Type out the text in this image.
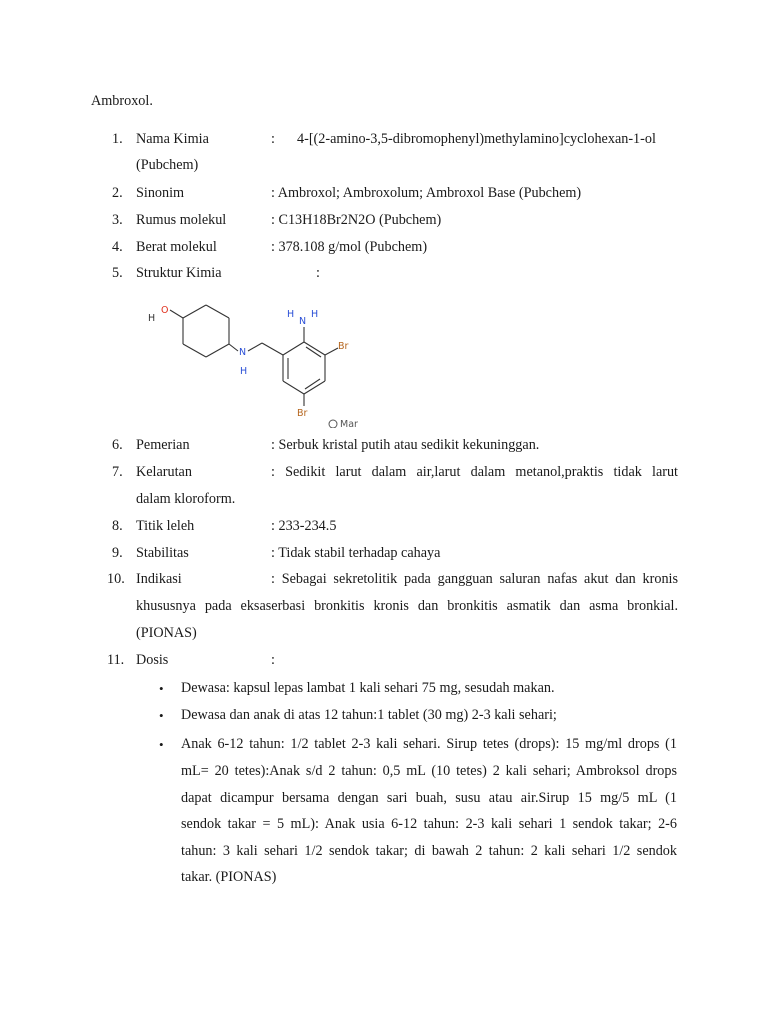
Ambroxol.
1. Nama Kimia	: 4-[(2-amino-3,5-dibromophenyl)methylamino]cyclohexan-1-ol
(Pubchem)
2. Sinonim	: Ambroxol; Ambroxolum; Ambroxol Base (Pubchem)
3. Rumus molekul	: C13H18Br2N2O (Pubchem)
4. Berat molekul	: 378.108 g/mol (Pubchem)
5. Struktur Kimia	:
H
O
N
H
H
N
H
Br
Br
Mar
6. Pemerian	: Serbuk kristal putih atau sedikit kekuninggan.
7. Kelarutan	: Sedikit larut dalam air,larut dalam metanol,praktis tidak larut
dalam kloroform.
8. Titik leleh	: 233-234.5
9. Stabilitas	: Tidak stabil terhadap cahaya
10. Indikasi	: Sebagai sekretolitik pada gangguan saluran nafas akut dan kronis
khususnya pada eksaserbasi bronkitis kronis dan bronkitis asmatik dan asma bronkial.
(PIONAS)
11. Dosis	:
• Dewasa: kapsul lepas lambat 1 kali sehari 75 mg, sesudah makan.
• Dewasa dan anak di atas 12 tahun:1 tablet (30 mg) 2-3 kali sehari;
• Anak 6-12 tahun: 1/2 tablet 2-3 kali sehari. Sirup tetes (drops): 15 mg/ml drops (1
mL= 20 tetes):Anak s/d 2 tahun: 0,5 mL (10 tetes) 2 kali sehari; Ambroksol drops
dapat dicampur bersama dengan sari buah, susu atau air.Sirup 15 mg/5 mL (1
sendok takar = 5 mL): Anak usia 6-12 tahun: 2-3 kali sehari 1 sendok takar; 2-6
tahun: 3 kali sehari 1/2 sendok takar; di bawah 2 tahun: 2 kali sehari 1/2 sendok
takar. (PIONAS)
